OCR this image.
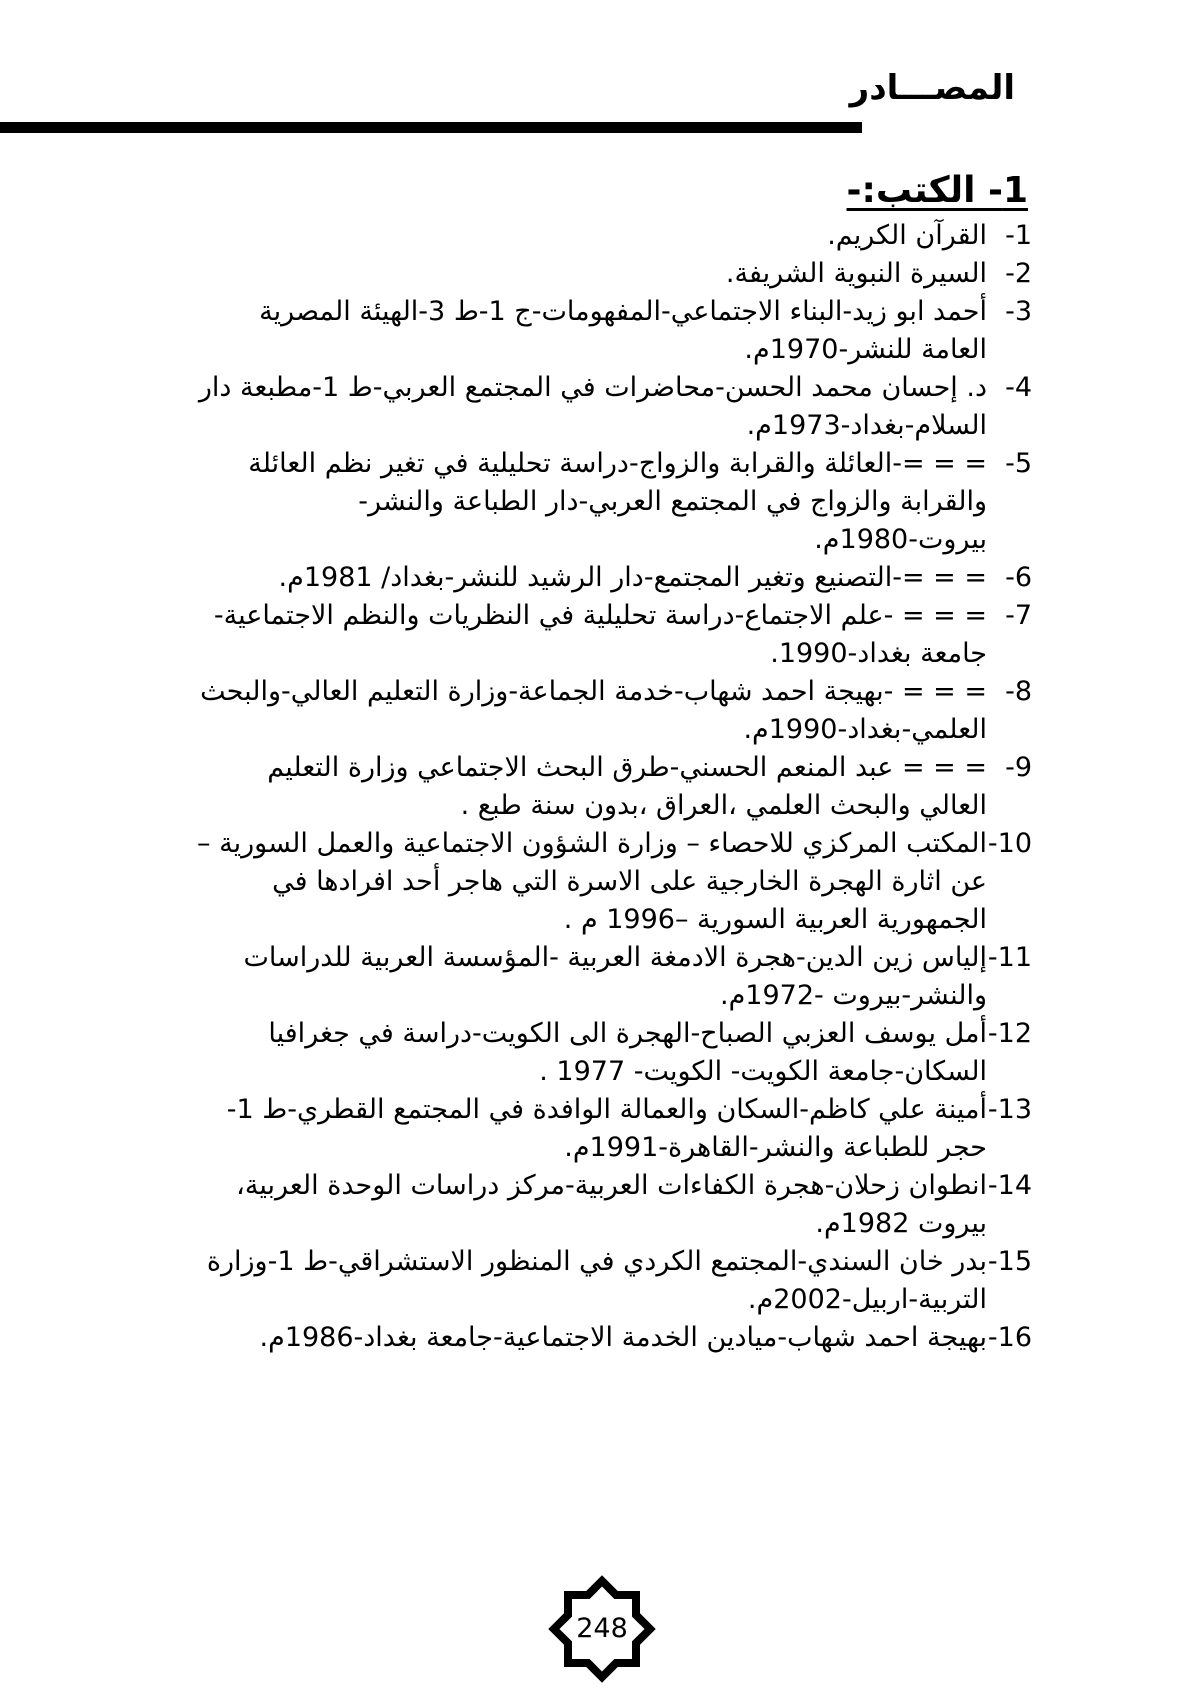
المصـــادر
1- الكتب:-
1-
القرآن الكريم.
2-
السيرة النبوية الشريفة.
3-
أحمد ابو زيد-البناء الاجتماعي-المفهومات-ج 1-ط 3-الهيئة المصرية العامة للنشر-1970م.
4-
د. إحسان محمد الحسن-محاضرات في المجتمع العربي-ط 1-مطبعة دار السلام-بغداد-1973م.
5-
= = =-العائلة والقرابة والزواج-دراسة تحليلية في تغير نظم العائلة والقرابة والزواج في المجتمع العربي-دار الطباعة والنشر-بيروت-1980م.
6-
= = =-التصنيع وتغير المجتمع-دار الرشيد للنشر-بغداد/ 1981م.
7-
= = = -علم الاجتماع-دراسة تحليلية في النظريات والنظم الاجتماعية-جامعة بغداد-1990.
8-
= = = -بهيجة احمد شهاب-خدمة الجماعة-وزارة التعليم العالي-والبحث العلمي-بغداد-1990م.
9-
= = = عبد المنعم الحسني-طرق البحث الاجتماعي وزارة التعليم العالي والبحث العلمي ،العراق ،بدون سنة طبع .
10-
المكتب المركزي للاحصاء – وزارة الشؤون الاجتماعية والعمل السورية – عن اثارة الهجرة الخارجية على الاسرة التي هاجر أحد افرادها في الجمهورية العربية السورية –1996 م .
11-
إلياس زين الدين-هجرة الادمغة العربية -المؤسسة العربية للدراسات والنشر-بيروت -1972م.
12-
أمل يوسف العزبي الصباح-الهجرة الى الكويت-دراسة في جغرافيا السكان-جامعة الكويت- الكويت- 1977 .
13-
أمينة علي كاظم-السكان والعمالة الوافدة في المجتمع القطري-ط 1-حجر للطباعة والنشر-القاهرة-1991م.
14-
انطوان زحلان-هجرة الكفاءات العربية-مركز دراسات الوحدة العربية، بيروت 1982م.
15-
بدر خان السندي-المجتمع الكردي في المنظور الاستشراقي-ط 1-وزارة التربية-اربيل-2002م.
16-
بهيجة احمد شهاب-ميادين الخدمة الاجتماعية-جامعة بغداد-1986م.
248
